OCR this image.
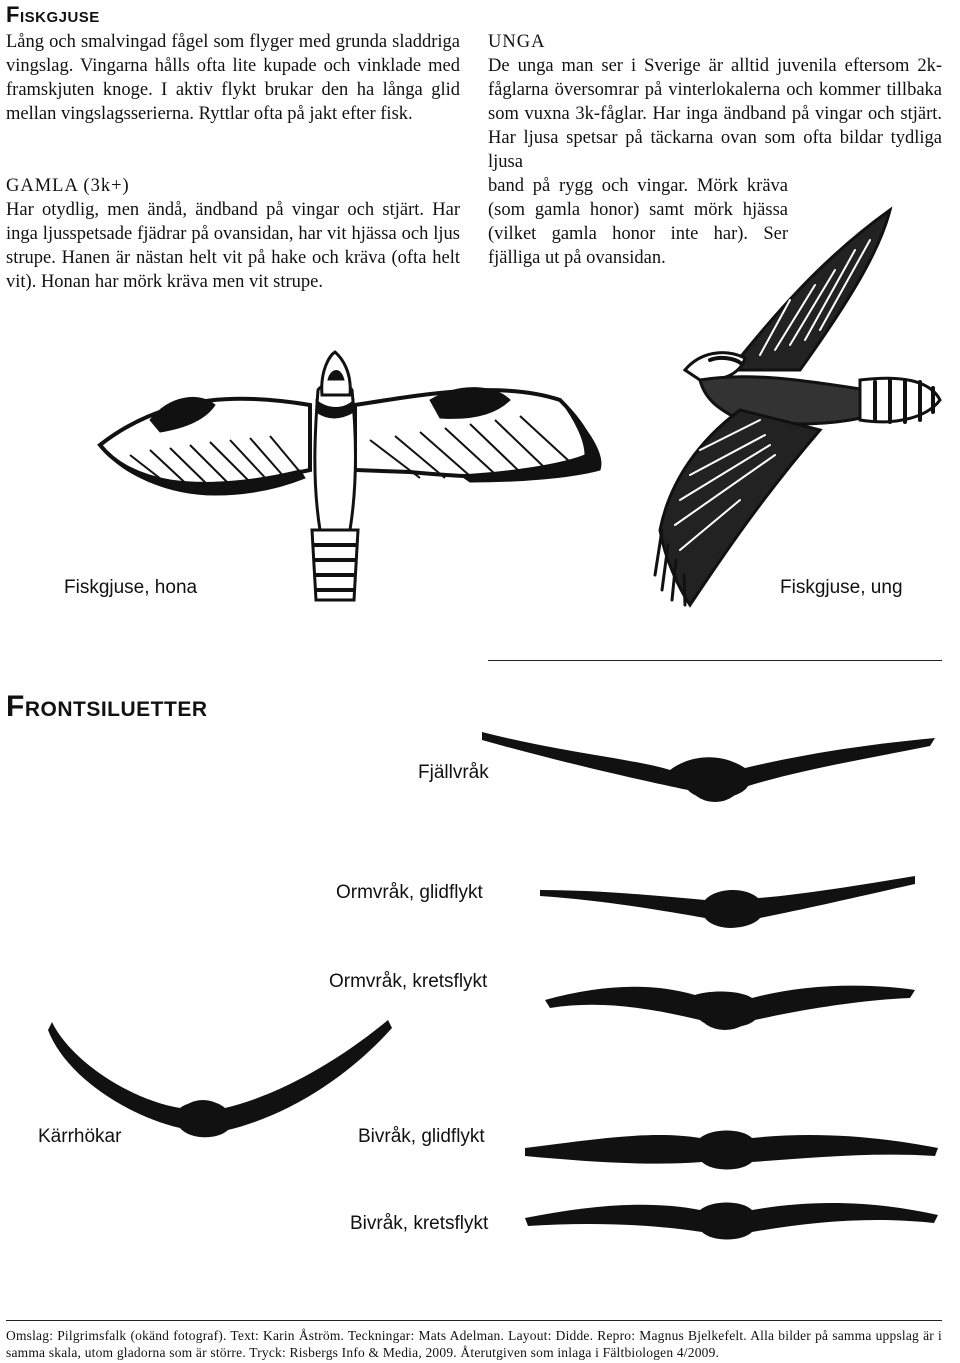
Fiskgjuse
Lång och smalvingad fågel som flyger med grunda sladdriga vingslag. Vingarna hålls ofta lite kupade och vinklade med framskjuten knoge. I aktiv flykt brukar den ha långa glid mellan vingslagsserierna. Ryttlar ofta på jakt efter fisk.
GAMLA (3k+)
Har otydlig, men ändå, ändband på vingar och stjärt. Har inga ljusspetsade fjädrar på ovansidan, har vit hjässa och ljus strupe. Hanen är nästan helt vit på hake och kräva (ofta helt vit). Honan har mörk kräva men vit strupe.
UNGA
De unga man ser i Sverige är alltid juvenila eftersom 2k-fåglarna översomrar på vinterlokalerna och kommer tillbaka som vuxna 3k-fåglar. Har inga ändband på vingar och stjärt. Har ljusa spetsar på täckarna ovan som ofta bildar tydliga ljusa
band på rygg och vingar. Mörk kräva (som gamla honor) samt mörk hjässa (vilket gamla honor inte har). Ser fjälliga ut på ovansidan.
Fiskgjuse, hona	Fiskgjuse, ung
Frontsiluetter
Fjällvråk
Ormvråk, glidflykt
Ormvråk, kretsflykt
Kärrhökar	Bivråk, glidflykt
Bivråk, kretsflykt
Omslag: Pilgrimsfalk (okänd fotograf). Text: Karin Åström. Teckningar: Mats Adelman. Layout: Didde. Repro: Magnus Bjelkefelt. Alla bilder på samma uppslag är i samma skala, utom gladorna som är större. Tryck: Risbergs Info & Media, 2009. Återutgiven som inlaga i Fältbiologen 4/2009.
